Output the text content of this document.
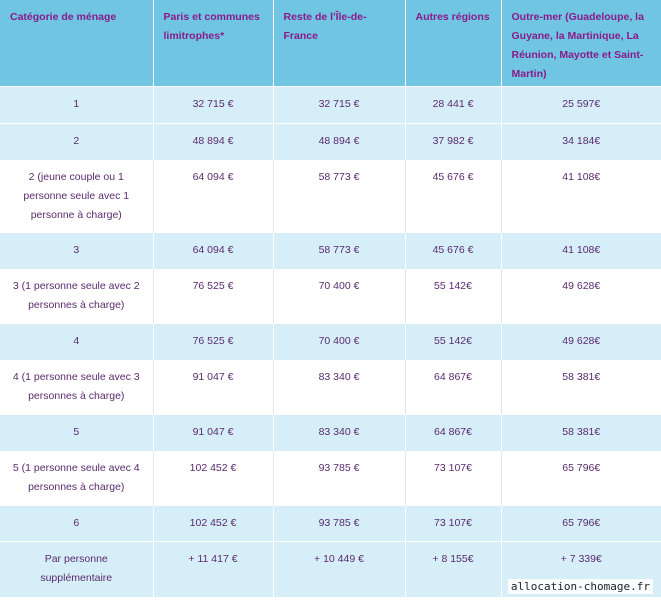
Catégorie de ménage	Paris et communes limitrophes*	Reste de l'Île-de-France	Autres régions	Outre-mer (Guadeloupe, la Guyane, la Martinique, La Réunion, Mayotte et Saint-Martin)
1	32 715 €	32 715 €	28 441 €	25 597€
2	48 894 €	48 894 €	37 982 €	34 184€
2 (jeune couple ou 1 personne seule avec 1 personne à charge)	64 094 €	58 773 €	45 676 €	41 108€
3	64 094 €	58 773 €	45 676 €	41 108€
3 (1 personne seule avec 2 personnes à charge)	76 525 €	70 400 €	55 142€	49 628€
4	76 525 €	70 400 €	55 142€	49 628€
4 (1 personne seule avec 3 personnes à charge)	91 047 €	83 340 €	64 867€	58 381€
5	91 047 €	83 340 €	64 867€	58 381€
5 (1 personne seule avec 4 personnes à charge)	102 452 €	93 785 €	73 107€	65 796€
6	102 452 €	93 785 €	73 107€	65 796€
Par personne supplémentaire	+ 11 417 €	+ 10 449 €	+ 8 155€	+ 7 339€
allocation-chomage.fr
